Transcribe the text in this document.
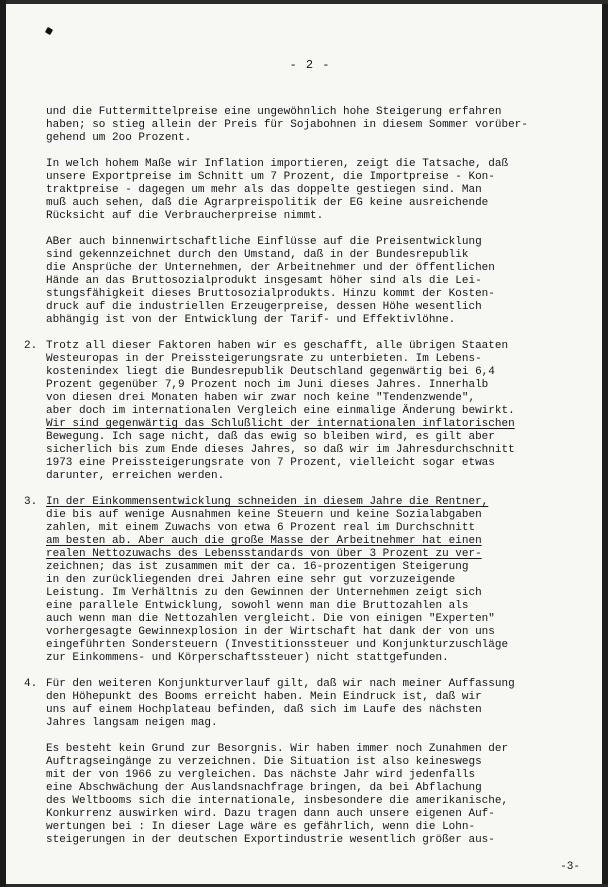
- 2 -
und die Futtermittelpreise eine ungewöhnlich hohe Steigerung erfahren
haben; so stieg allein der Preis für Sojabohnen in diesem Sommer vorüber-
gehend um 2oo Prozent.
In welch hohem Maße wir Inflation importieren, zeigt die Tatsache, daß
unsere Exportpreise im Schnitt um 7 Prozent, die Importpreise - Kon-
traktpreise - dagegen um mehr als das doppelte gestiegen sind. Man
muß auch sehen, daß die Agrarpreispolitik der EG keine ausreichende
Rücksicht auf die Verbraucherpreise nimmt.
ABer auch binnenwirtschaftliche Einflüsse auf die Preisentwicklung
sind gekennzeichnet durch den Umstand, daß in der Bundesrepublik
die Ansprüche der Unternehmen, der Arbeitnehmer und der öffentlichen
Hände an das Bruttosozialprodukt insgesamt höher sind als die Lei-
stungsfähigkeit dieses Bruttosozialprodukts. Hinzu kommt der Kosten-
druck auf die industriellen Erzeugerpreise, dessen Höhe wesentlich
abhängig ist von der Entwicklung der Tarif- und Effektivlöhne.
2. Trotz all dieser Faktoren haben wir es geschafft, alle übrigen Staaten
Westeuropas in der Preissteigerungsrate zu unterbieten. Im Lebens-
kostenindex liegt die Bundesrepublik Deutschland gegenwärtig bei 6,4
Prozent gegenüber 7,9 Prozent noch im Juni dieses Jahres. Innerhalb
von diesen drei Monaten haben wir zwar noch keine "Tendenzwende",
aber doch im internationalen Vergleich eine einmalige Änderung bewirkt.
Wir sind gegenwärtig das Schlußlicht der internationalen inflatorischen
Bewegung. Ich sage nicht, daß das ewig so bleiben wird, es gilt aber
sicherlich bis zum Ende dieses Jahres, so daß wir im Jahresdurchschnitt
1973 eine Preissteigerungsrate von 7 Prozent, vielleicht sogar etwas
darunter, erreichen werden.
3. In der Einkommensentwicklung schneiden in diesem Jahre die Rentner,
die bis auf wenige Ausnahmen keine Steuern und keine Sozialabgaben
zahlen, mit einem Zuwachs von etwa 6 Prozent real im Durchschnitt
am besten ab. Aber auch die große Masse der Arbeitnehmer hat einen
realen Nettozuwachs des Lebensstandards von über 3 Prozent zu ver-
zeichnen; das ist zusammen mit der ca. 16-prozentigen Steigerung
in den zurückliegenden drei Jahren eine sehr gut vorzuzeigende
Leistung. Im Verhältnis zu den Gewinnen der Unternehmen zeigt sich
eine parallele Entwicklung, sowohl wenn man die Bruttozahlen als
auch wenn man die Nettozahlen vergleicht. Die von einigen "Experten"
vorhergesagte Gewinnexplosion in der Wirtschaft hat dank der von uns
eingeführten Sondersteuern (Investitionssteuer und Konjunkturzuschläge
zur Einkommens- und Körperschaftssteuer) nicht stattgefunden.
4. Für den weiteren Konjunkturverlauf gilt, daß wir nach meiner Auffassung
den Höhepunkt des Booms erreicht haben. Mein Eindruck ist, daß wir
uns auf einem Hochplateau befinden, daß sich im Laufe des nächsten
Jahres langsam neigen mag.
Es besteht kein Grund zur Besorgnis. Wir haben immer noch Zunahmen der
Auftragseingänge zu verzeichnen. Die Situation ist also keineswegs
mit der von 1966 zu vergleichen. Das nächste Jahr wird jedenfalls
eine Abschwächung der Auslandsnachfrage bringen, da bei Abflachung
des Weltbooms sich die internationale, insbesondere die amerikanische,
Konkurrenz auswirken wird. Dazu tragen dann auch unsere eigenen Auf-
wertungen bei : In dieser Lage wäre es gefährlich, wenn die Lohn-
steigerungen in der deutschen Exportindustrie wesentlich größer aus-
-3-
